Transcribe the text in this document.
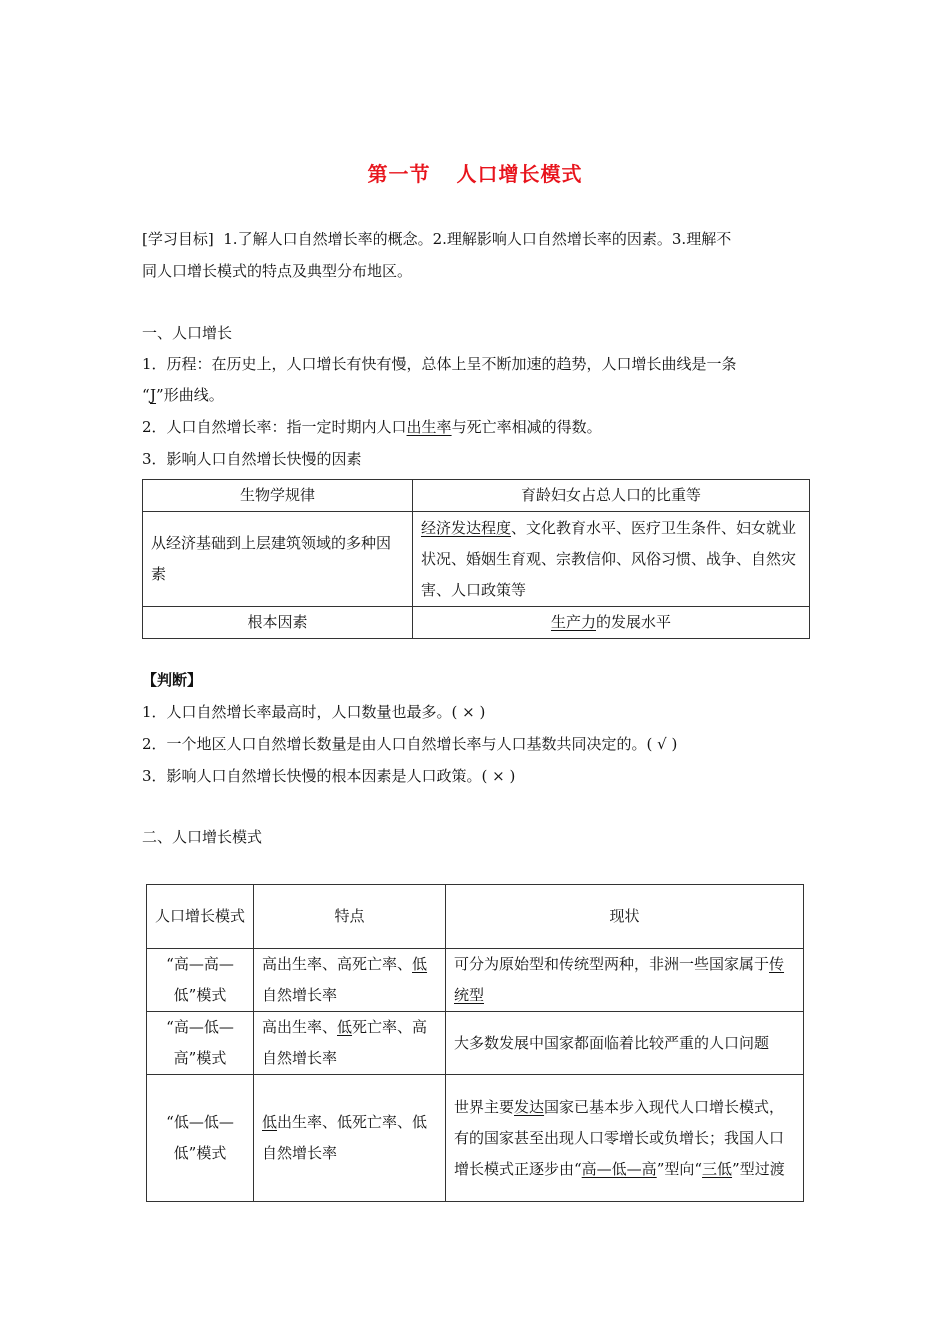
第一节 人口增长模式
[学习目标] 1.了解人口自然增长率的概念。2.理解影响人口自然增长率的因素。3.理解不
同人口增长模式的特点及典型分布地区。
一、人口增长
1．历程：在历史上，人口增长有快有慢，总体上呈不断加速的趋势，人口增长曲线是一条
“J”形曲线。
2．人口自然增长率：指一定时期内人口出生率与死亡率相减的得数。
3．影响人口自然增长快慢的因素
生物学规律	育龄妇女占总人口的比重等
从经济基础到上层建筑领域的多种因素	经济发达程度、文化教育水平、医疗卫生条件、妇女就业状况、婚姻生育观、宗教信仰、风俗习惯、战争、自然灾害、人口政策等
根本因素	生产力的发展水平
【判断】
1．人口自然增长率最高时，人口数量也最多。( × )
2．一个地区人口自然增长数量是由人口自然增长率与人口基数共同决定的。( √ )
3．影响人口自然增长快慢的根本因素是人口政策。( × )
二、人口增长模式
人口增长模式	特点	现状
“高—高—低”模式	高出生率、高死亡率、低自然增长率	可分为原始型和传统型两种，非洲一些国家属于传统型
“高—低—高”模式	高出生率、低死亡率、高自然增长率	大多数发展中国家都面临着比较严重的人口问题
“低—低—低”模式	低出生率、低死亡率、低自然增长率	世界主要发达国家已基本步入现代人口增长模式，有的国家甚至出现人口零增长或负增长；我国人口增长模式正逐步由“高—低—高”型向“三低”型过渡
